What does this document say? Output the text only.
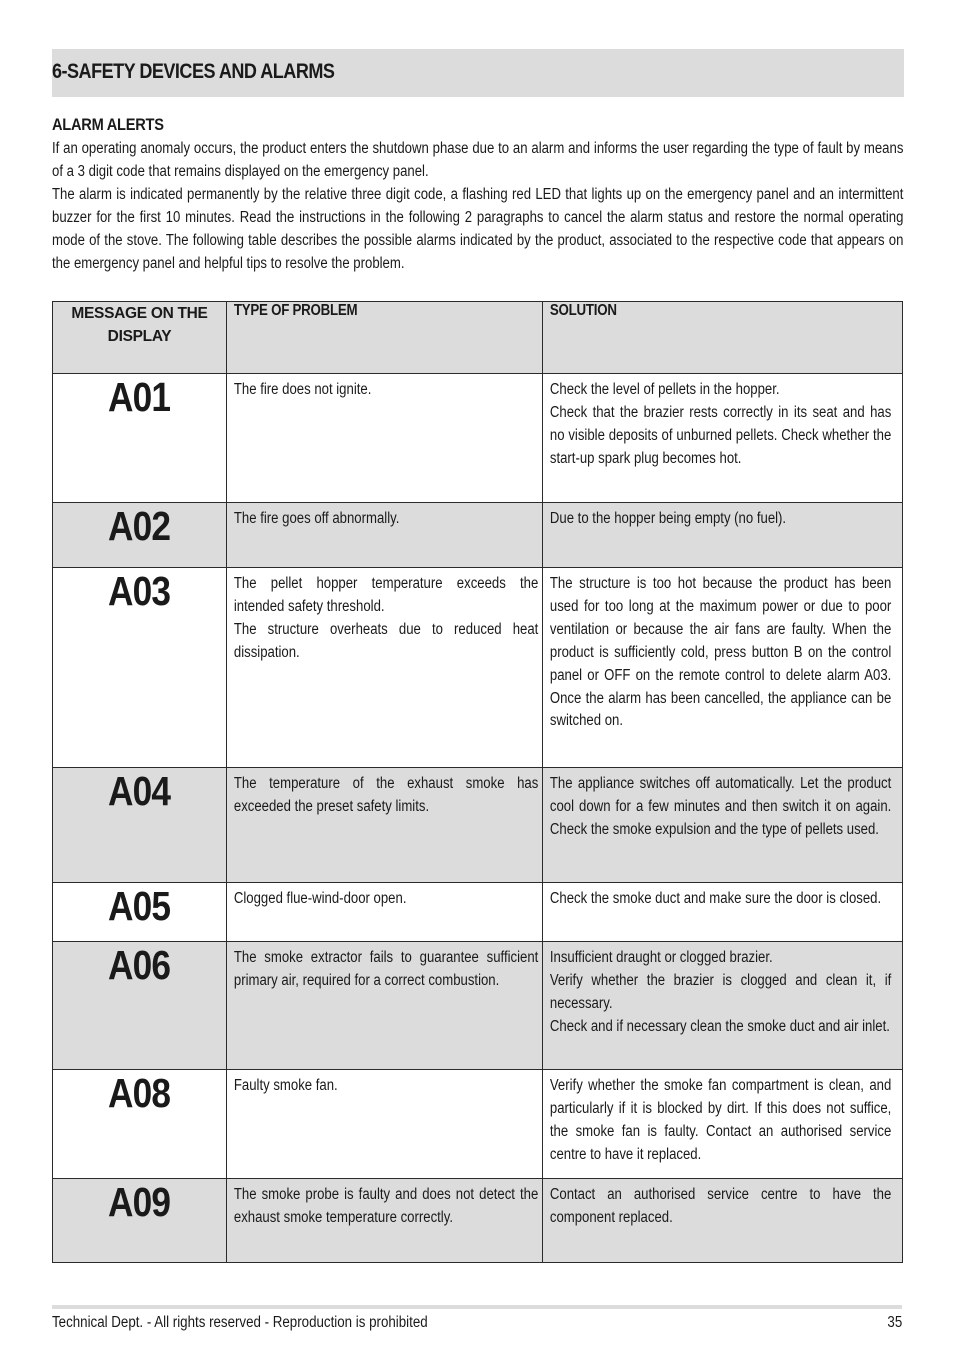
6-SAFETY DEVICES AND ALARMS
ALARM ALERTS

If an operating anomaly occurs, the product enters the shutdown phase due to an alarm and informs the user regarding the type of fault by means of a 3 digit code that remains displayed on the emergency panel.

The alarm is indicated permanently by the relative three digit code, a flashing red LED that lights up on the emergency panel and an intermittent buzzer for the first 10 minutes. Read the instructions in the following 2 paragraphs to cancel the alarm status and restore the normal operating mode of the stove. The following table describes the possible alarms indicated by the product, associated to the respective code that appears on the emergency panel and helpful tips to resolve the problem.

MESSAGE ON THE DISPLAY	TYPE OF PROBLEM	SOLUTION

A01	The fire does not ignite.	Check the level of pellets in the hopper.

Check that the brazier rests correctly in its seat and has no visible deposits of unburned pellets. Check whether the start-up spark plug becomes hot.

A02	The fire goes off abnormally.	Due to the hopper being empty (no fuel).

A03	The pellet hopper temperature exceeds the intended safety threshold.

The structure overheats due to reduced heat dissipation.	The structure is too hot because the product has been used for too long at the maximum power or due to poor ventilation or because the air fans are faulty. When the product is sufficiently cold, press button B on the control panel or OFF on the remote control to delete alarm A03. Once the alarm has been cancelled, the appliance can be switched on.

A04	The temperature of the exhaust smoke has exceeded the preset safety limits.	The appliance switches off automatically. Let the product cool down for a few minutes and then switch it on again. Check the smoke expulsion and the type of pellets used.

A05	Clogged flue-wind-door open.	Check the smoke duct and make sure the door is closed.

A06	The smoke extractor fails to guarantee sufficient primary air, required for a correct combustion.	Insufficient draught or clogged brazier.

Verify whether the brazier is clogged and clean it, if necessary.

Check and if necessary clean the smoke duct and air inlet.

A08	Faulty smoke fan.	Verify whether the smoke fan compartment is clean, and particularly if it is blocked by dirt. If this does not suffice, the smoke fan is faulty. Contact an authorised service centre to have it replaced.

A09	The smoke probe is faulty and does not detect the exhaust smoke temperature correctly.	Contact an authorised service centre to have the component replaced.

Technical Dept. - All rights reserved - Reproduction is prohibited	35
